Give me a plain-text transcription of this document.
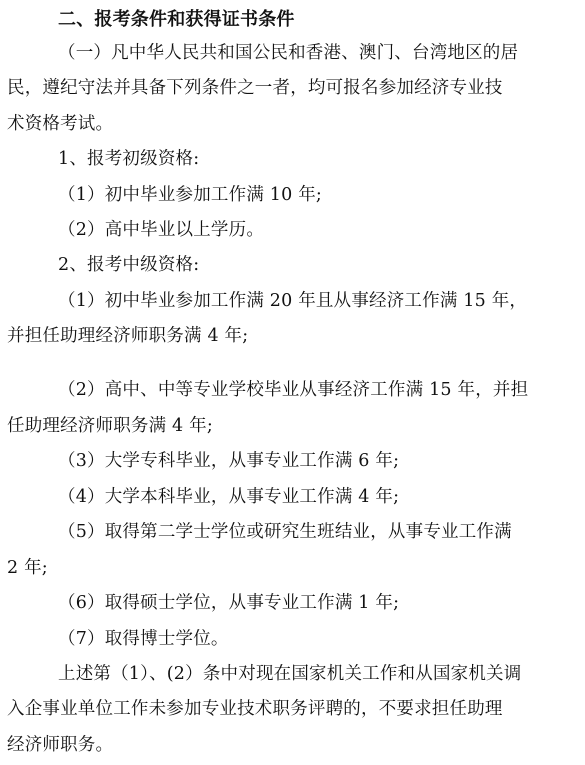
二、报考条件和获得证书条件
（一）凡中华人民共和国公民和香港、澳门、台湾地区的居
民，遵纪守法并具备下列条件之一者，均可报名参加经济专业技
术资格考试。
1、报考初级资格:
（1）初中毕业参加工作满 10 年;
（2）高中毕业以上学历。
2、报考中级资格:
（1）初中毕业参加工作满 20 年且从事经济工作满 15 年，
并担任助理经济师职务满 4 年;
（2）高中、中等专业学校毕业从事经济工作满 15 年，并担
任助理经济师职务满 4 年;
（3）大学专科毕业，从事专业工作满 6 年;
（4）大学本科毕业，从事专业工作满 4 年;
（5）取得第二学士学位或研究生班结业，从事专业工作满
2 年;
（6）取得硕士学位，从事专业工作满 1 年;
（7）取得博士学位。
上述第（1）、(2）条中对现在国家机关工作和从国家机关调
入企事业单位工作未参加专业技术职务评聘的，不要求担任助理
经济师职务。
